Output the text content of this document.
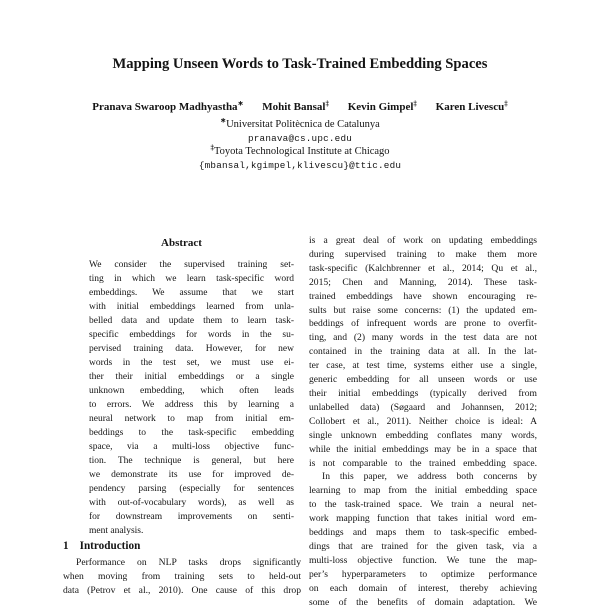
Mapping Unseen Words to Task-Trained Embedding Spaces
Pranava Swaroop Madhyastha∗ Mohit Bansal‡ Kevin Gimpel‡ Karen Livescu‡
∗Universitat Politècnica de Catalunya
pranava@cs.upc.edu
‡Toyota Technological Institute at Chicago
{mbansal,kgimpel,klivescu}@ttic.edu
Abstract
We consider the supervised training set-
ting in which we learn task-specific word
embeddings. We assume that we start
with initial embeddings learned from unla-
belled data and update them to learn task-
specific embeddings for words in the su-
pervised training data. However, for new
words in the test set, we must use ei-
ther their initial embeddings or a single
unknown embedding, which often leads
to errors. We address this by learning a
neural network to map from initial em-
beddings to the task-specific embedding
space, via a multi-loss objective func-
tion. The technique is general, but here
we demonstrate its use for improved de-
pendency parsing (especially for sentences
with out-of-vocabulary words), as well as
for downstream improvements on senti-
ment analysis.
1 Introduction
Performance on NLP tasks drops significantly
when moving from training sets to held-out
data (Petrov et al., 2010). One cause of this drop
is a great deal of work on updating embeddings
during supervised training to make them more
task-specific (Kalchbrenner et al., 2014; Qu et al.,
2015; Chen and Manning, 2014). These task-
trained embeddings have shown encouraging re-
sults but raise some concerns: (1) the updated em-
beddings of infrequent words are prone to overfit-
ting, and (2) many words in the test data are not
contained in the training data at all. In the lat-
ter case, at test time, systems either use a single,
generic embedding for all unseen words or use
their initial embeddings (typically derived from
unlabelled data) (Søgaard and Johannsen, 2012;
Collobert et al., 2011). Neither choice is ideal: A
single unknown embedding conflates many words,
while the initial embeddings may be in a space that
is not comparable to the trained embedding space.
In this paper, we address both concerns by
learning to map from the initial embedding space
to the task-trained space. We train a neural net-
work mapping function that takes initial word em-
beddings and maps them to task-specific embed-
dings that are trained for the given task, via a
multi-loss objective function. We tune the map-
per’s hyperparameters to optimize performance
on each domain of interest, thereby achieving
some of the benefits of domain adaptation. We
